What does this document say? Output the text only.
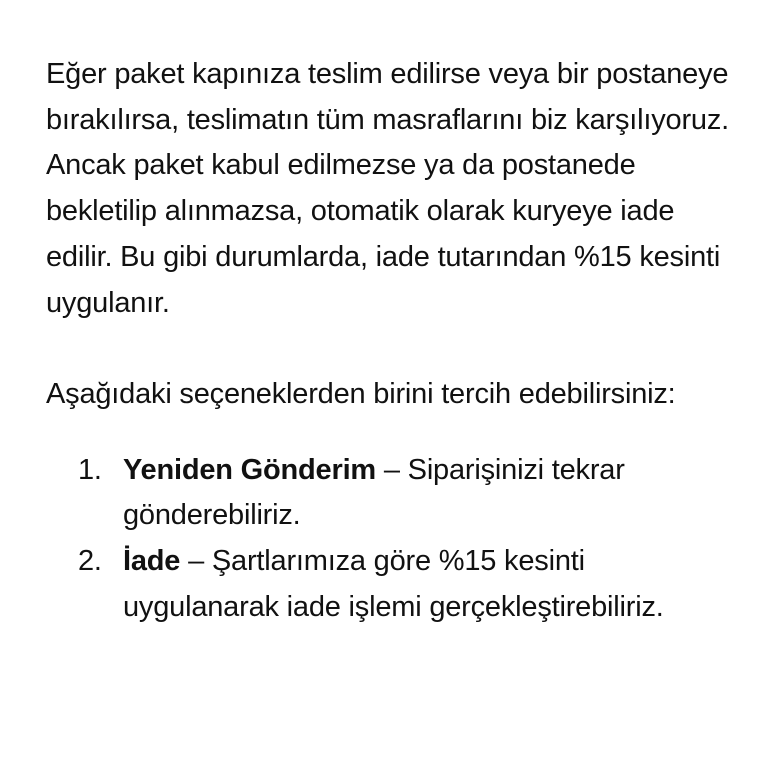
Eğer paket kapınıza teslim edilirse veya bir postaneye bırakılırsa, teslimatın tüm masraflarını biz karşılıyoruz. Ancak paket kabul edilmezse ya da postanede bekletilip alınmazsa, otomatik olarak kuryeye iade edilir. Bu gibi durumlarda, iade tutarından %15 kesinti uygulanır.

Aşağıdaki seçeneklerden birini tercih edebilirsiniz:

1. Yeniden Gönderim – Siparişinizi tekrar gönderebiliriz.
2. İade – Şartlarımıza göre %15 kesinti uygulanarak iade işlemi gerçekleştirebiliriz.
